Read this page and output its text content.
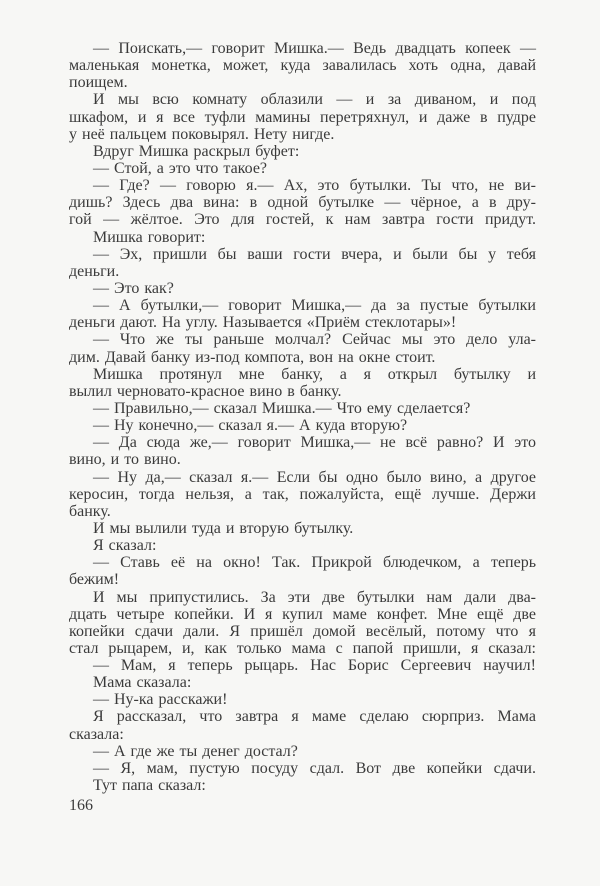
— Поискать,— говорит Мишка.— Ведь двадцать копеек —
маленькая монетка, может, куда завалилась хоть одна, давай
поищем.
И мы всю комнату облазили — и за диваном, и под
шкафом, и я все туфли мамины перетряхнул, и даже в пудре
у неё пальцем поковырял. Нету нигде.
Вдруг Мишка раскрыл буфет:
— Стой, а это что такое?
— Где? — говорю я.— Ах, это бутылки. Ты что, не ви-
дишь? Здесь два вина: в одной бутылке — чёрное, а в дру-
гой — жёлтое. Это для гостей, к нам завтра гости придут.
Мишка говорит:
— Эх, пришли бы ваши гости вчера, и были бы у тебя
деньги.
— Это как?
— А бутылки,— говорит Мишка,— да за пустые бутылки
деньги дают. На углу. Называется «Приём стеклотары»!
— Что же ты раньше молчал? Сейчас мы это дело ула-
дим. Давай банку из-под компота, вон на окне стоит.
Мишка протянул мне банку, а я открыл бутылку и
вылил черновато-красное вино в банку.
— Правильно,— сказал Мишка.— Что ему сделается?
— Ну конечно,— сказал я.— А куда вторую?
— Да сюда же,— говорит Мишка,— не всё равно? И это
вино, и то вино.
— Ну да,— сказал я.— Если бы одно было вино, а другое
керосин, тогда нельзя, а так, пожалуйста, ещё лучше. Держи
банку.
И мы вылили туда и вторую бутылку.
Я сказал:
— Ставь её на окно! Так. Прикрой блюдечком, а теперь
бежим!
И мы припустились. За эти две бутылки нам дали два-
дцать четыре копейки. И я купил маме конфет. Мне ещё две
копейки сдачи дали. Я пришёл домой весёлый, потому что я
стал рыцарем, и, как только мама с папой пришли, я сказал:
— Мам, я теперь рыцарь. Нас Борис Сергеевич научил!
Мама сказала:
— Ну-ка расскажи!
Я рассказал, что завтра я маме сделаю сюрприз. Мама
сказала:
— А где же ты денег достал?
— Я, мам, пустую посуду сдал. Вот две копейки сдачи.
Тут папа сказал:
166
